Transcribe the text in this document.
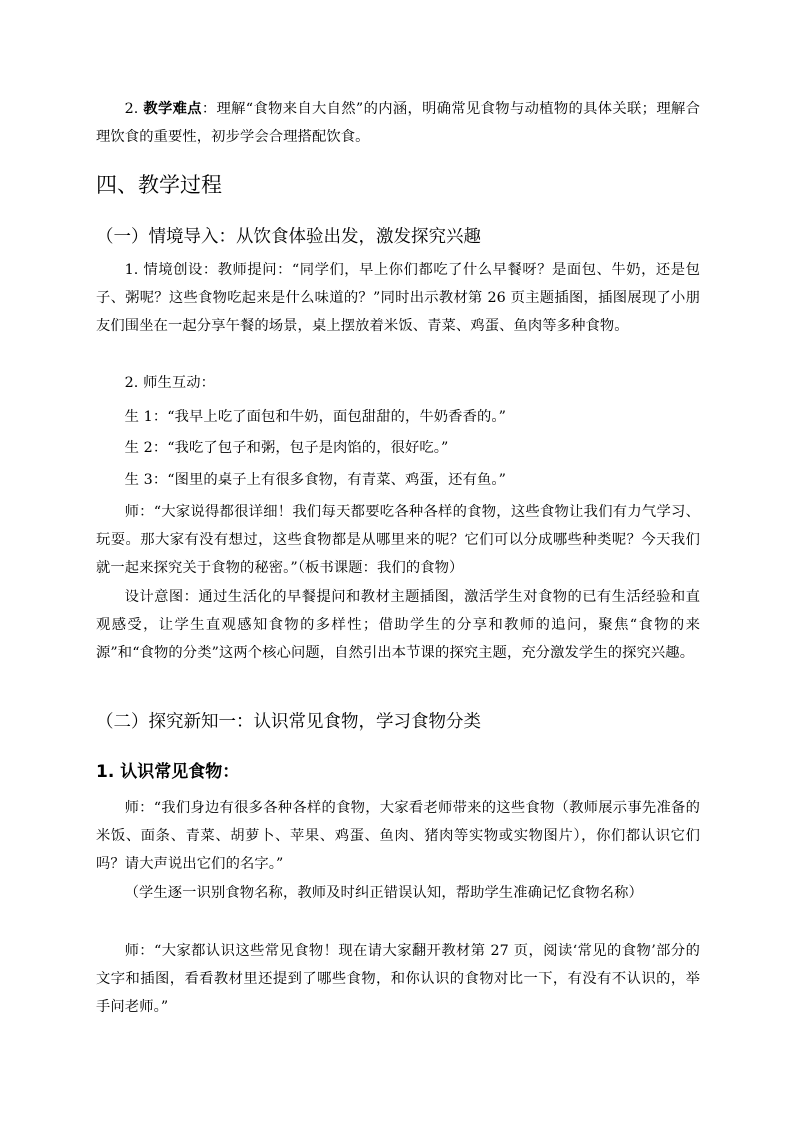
2. 教学难点：理解“食物来自大自然”的内涵，明确常见食物与动植物的具体关联；理解合理饮食的重要性，初步学会合理搭配饮食。

四、教学过程
（一）情境导入：从饮食体验出发，激发探究兴趣

1. 情境创设：教师提问：“同学们，早上你们都吃了什么早餐呀？是面包、牛奶，还是包子、粥呢？这些食物吃起来是什么味道的？”同时出示教材第 26 页主题插图，插图展现了小朋友们围坐在一起分享午餐的场景，桌上摆放着米饭、青菜、鸡蛋、鱼肉等多种食物。

2. 师生互动：

生 1：“我早上吃了面包和牛奶，面包甜甜的，牛奶香香的。”

生 2：“我吃了包子和粥，包子是肉馅的，很好吃。”

生 3：“图里的桌子上有很多食物，有青菜、鸡蛋，还有鱼。”

师：“大家说得都很详细！我们每天都要吃各种各样的食物，这些食物让我们有力气学习、玩耍。那大家有没有想过，这些食物都是从哪里来的呢？它们可以分成哪些种类呢？今天我们就一起来探究关于食物的秘密。”（板书课题：我们的食物）

设计意图：通过生活化的早餐提问和教材主题插图，激活学生对食物的已有生活经验和直观感受，让学生直观感知食物的多样性；借助学生的分享和教师的追问，聚焦“食物的来源”和“食物的分类”这两个核心问题，自然引出本节课的探究主题，充分激发学生的探究兴趣。

（二）探究新知一：认识常见食物，学习食物分类
1. 认识常见食物：

师：“我们身边有很多各种各样的食物，大家看老师带来的这些食物（教师展示事先准备的米饭、面条、青菜、胡萝卜、苹果、鸡蛋、鱼肉、猪肉等实物或实物图片），你们都认识它们吗？请大声说出它们的名字。”

（学生逐一识别食物名称，教师及时纠正错误认知，帮助学生准确记忆食物名称）

师：“大家都认识这些常见食物！现在请大家翻开教材第 27 页，阅读‘常见的食物’部分的文字和插图，看看教材里还提到了哪些食物，和你认识的食物对比一下，有没有不认识的，举手问老师。”
